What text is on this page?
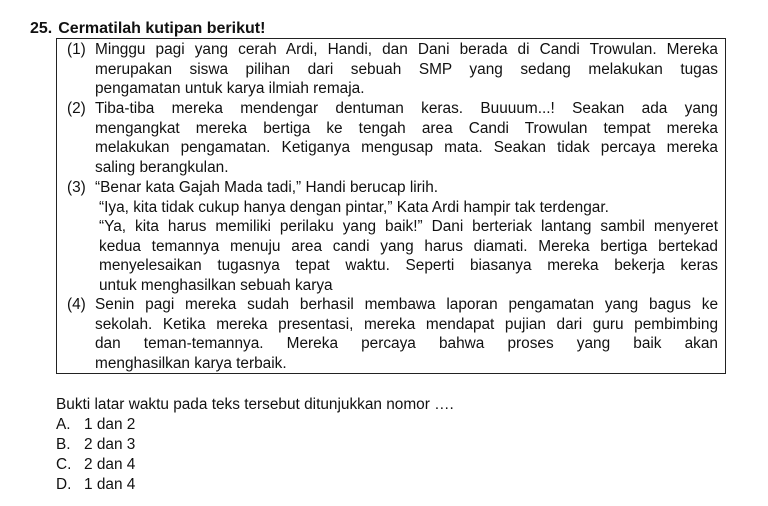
25. Cermatilah kutipan berikut!
(1) Minggu pagi yang cerah Ardi, Handi, dan Dani berada di Candi Trowulan. Mereka
merupakan siswa pilihan dari sebuah SMP yang sedang melakukan tugas
pengamatan untuk karya ilmiah remaja.
(2) Tiba-tiba mereka mendengar dentuman keras. Buuuum...! Seakan ada yang
mengangkat mereka bertiga ke tengah area Candi Trowulan tempat mereka
melakukan pengamatan. Ketiganya mengusap mata. Seakan tidak percaya mereka
saling berangkulan.
(3) “Benar kata Gajah Mada tadi,” Handi berucap lirih.
“Iya, kita tidak cukup hanya dengan pintar,” Kata Ardi hampir tak terdengar.
“Ya, kita harus memiliki perilaku yang baik!” Dani berteriak lantang sambil menyeret
kedua temannya menuju area candi yang harus diamati. Mereka bertiga bertekad
menyelesaikan tugasnya tepat waktu. Seperti biasanya mereka bekerja keras
untuk menghasilkan sebuah karya
(4) Senin pagi mereka sudah berhasil membawa laporan pengamatan yang bagus ke
sekolah. Ketika mereka presentasi, mereka mendapat pujian dari guru pembimbing
dan teman-temannya. Mereka percaya bahwa proses yang baik akan
menghasilkan karya terbaik.
Bukti latar waktu pada teks tersebut ditunjukkan nomor ….
A. 1 dan 2
B. 2 dan 3
C. 2 dan 4
D. 1 dan 4
